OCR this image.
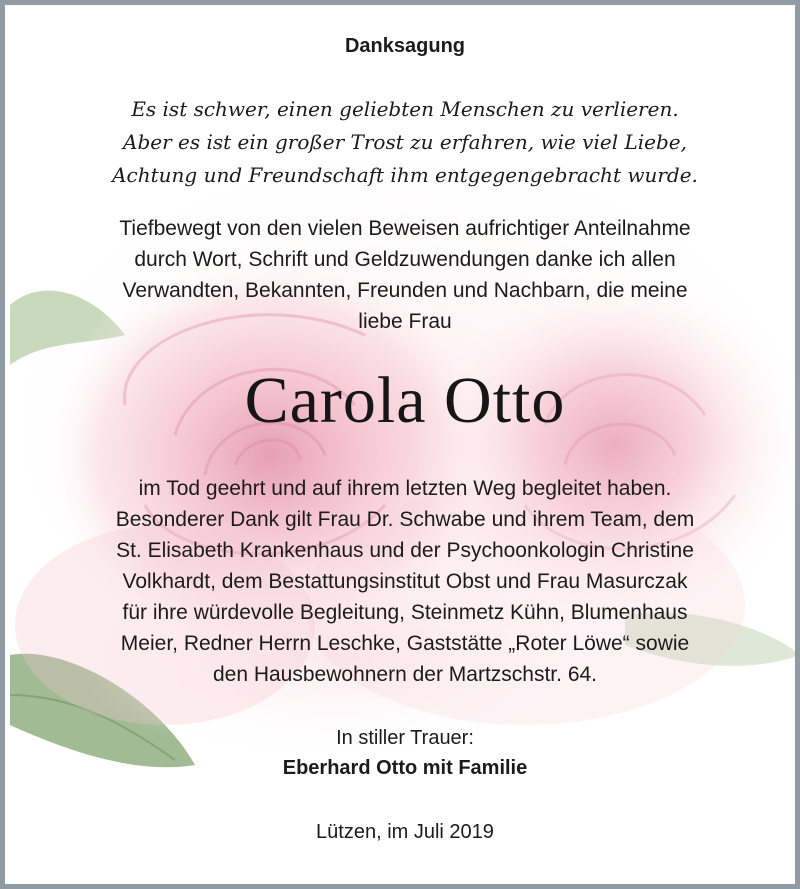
Danksagung
Es ist schwer, einen geliebten Menschen zu verlieren.
Aber es ist ein großer Trost zu erfahren, wie viel Liebe,
Achtung und Freundschaft ihm entgegengebracht wurde.
Tiefbewegt von den vielen Beweisen aufrichtiger Anteilnahme
durch Wort, Schrift und Geldzuwendungen danke ich allen
Verwandten, Bekannten, Freunden und Nachbarn, die meine
liebe Frau
Carola Otto
im Tod geehrt und auf ihrem letzten Weg begleitet haben.
Besonderer Dank gilt Frau Dr. Schwabe und ihrem Team, dem
St. Elisabeth Krankenhaus und der Psychoonkologin Christine
Volkhardt, dem Bestattungsinstitut Obst und Frau Masurczak
für ihre würdevolle Begleitung, Steinmetz Kühn, Blumenhaus
Meier, Redner Herrn Leschke, Gaststätte „Roter Löwe“ sowie
den Hausbewohnern der Martzschstr. 64.
In stiller Trauer:
Eberhard Otto mit Familie
Lützen, im Juli 2019
